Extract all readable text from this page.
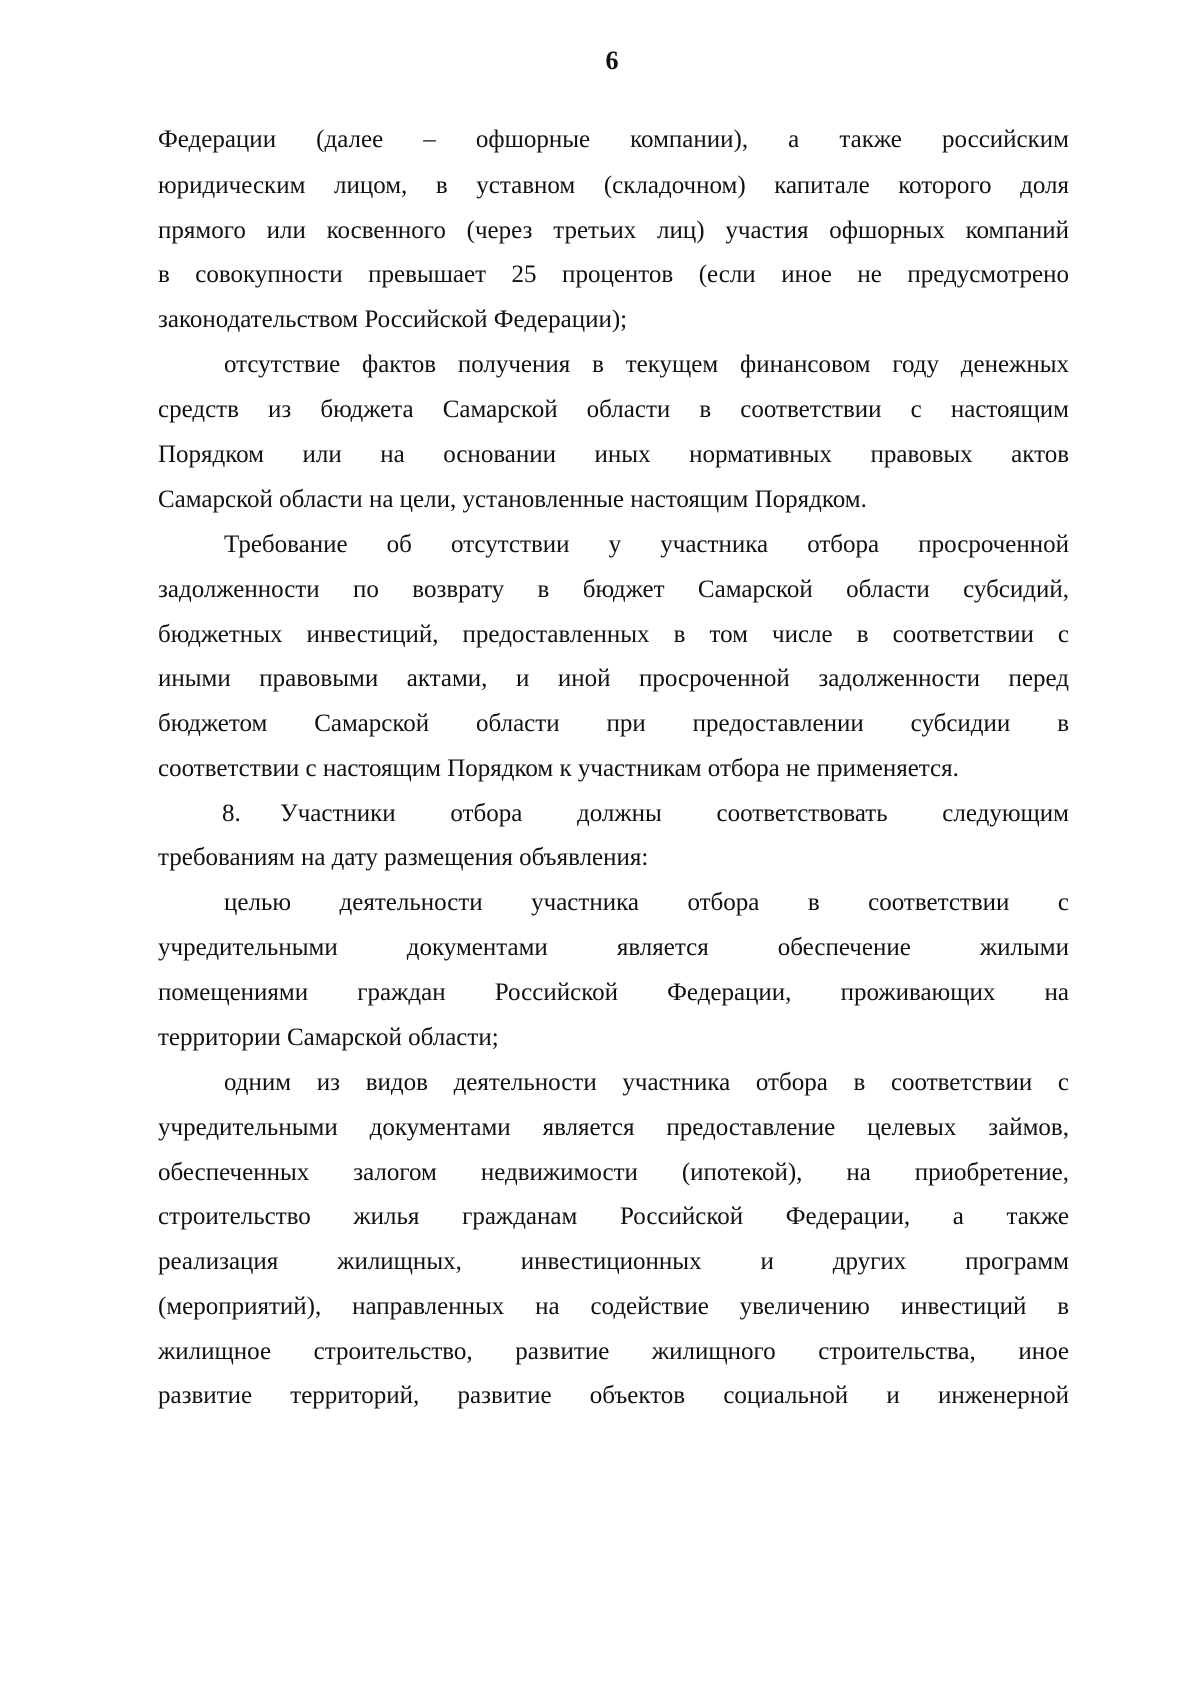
6
Федерации (далее – офшорные компании), а также российским
юридическим лицом, в уставном (складочном) капитале которого доля
прямого или косвенного (через третьих лиц) участия офшорных компаний
в совокупности превышает 25 процентов (если иное не предусмотрено
законодательством Российской Федерации);
отсутствие фактов получения в текущем финансовом году денежных
средств из бюджета Самарской области в соответствии с настоящим
Порядком или на основании иных нормативных правовых актов
Самарской области на цели, установленные настоящим Порядком.
Требование об отсутствии у участника отбора просроченной
задолженности по возврату в бюджет Самарской области субсидий,
бюджетных инвестиций, предоставленных в том числе в соответствии с
иными правовыми актами, и иной просроченной задолженности перед
бюджетом Самарской области при предоставлении субсидии в
соответствии с настоящим Порядком к участникам отбора не применяется.
8. Участники отбора должны соответствовать следующим
требованиям на дату размещения объявления:
целью деятельности участника отбора в соответствии с
учредительными документами является обеспечение жилыми
помещениями граждан Российской Федерации, проживающих на
территории Самарской области;
одним из видов деятельности участника отбора в соответствии с
учредительными документами является предоставление целевых займов,
обеспеченных залогом недвижимости (ипотекой), на приобретение,
строительство жилья гражданам Российской Федерации, а также
реализация жилищных, инвестиционных и других программ
(мероприятий), направленных на содействие увеличению инвестиций в
жилищное строительство, развитие жилищного строительства, иное
развитие территорий, развитие объектов социальной и инженерной
